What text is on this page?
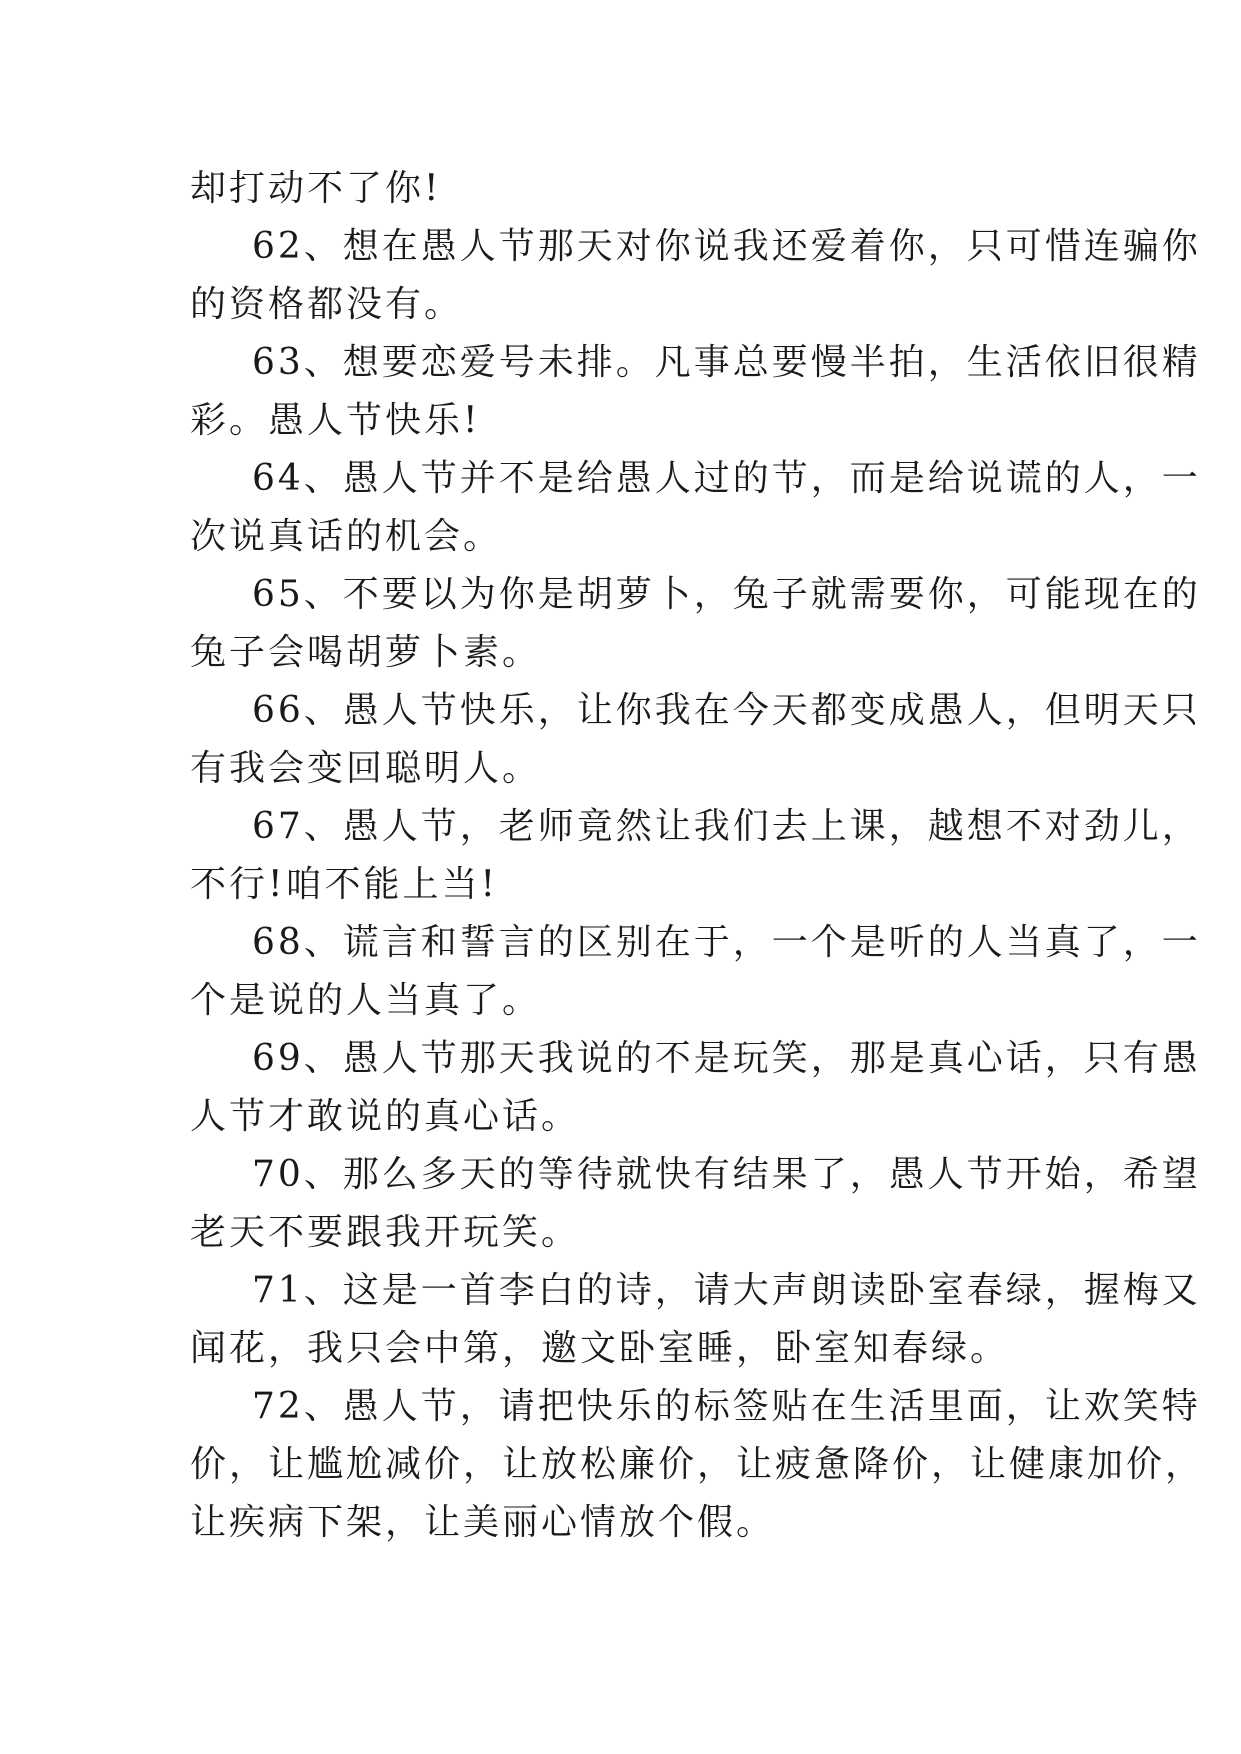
却打动不了你!
62、想在愚人节那天对你说我还爱着你，只可惜连骗你
的资格都没有。
63、想要恋爱号未排。凡事总要慢半拍，生活依旧很精
彩。愚人节快乐!
64、愚人节并不是给愚人过的节，而是给说谎的人，一
次说真话的机会。
65、不要以为你是胡萝卜，兔子就需要你，可能现在的
兔子会喝胡萝卜素。
66、愚人节快乐，让你我在今天都变成愚人，但明天只
有我会变回聪明人。
67、愚人节，老师竟然让我们去上课，越想不对劲儿，
不行!咱不能上当!
68、谎言和誓言的区别在于，一个是听的人当真了，一
个是说的人当真了。
69、愚人节那天我说的不是玩笑，那是真心话，只有愚
人节才敢说的真心话。
70、那么多天的等待就快有结果了，愚人节开始，希望
老天不要跟我开玩笑。
71、这是一首李白的诗，请大声朗读卧室春绿，握梅又
闻花，我只会中第，邀文卧室睡，卧室知春绿。
72、愚人节，请把快乐的标签贴在生活里面，让欢笑特
价，让尴尬减价，让放松廉价，让疲惫降价，让健康加价，
让疾病下架，让美丽心情放个假。
